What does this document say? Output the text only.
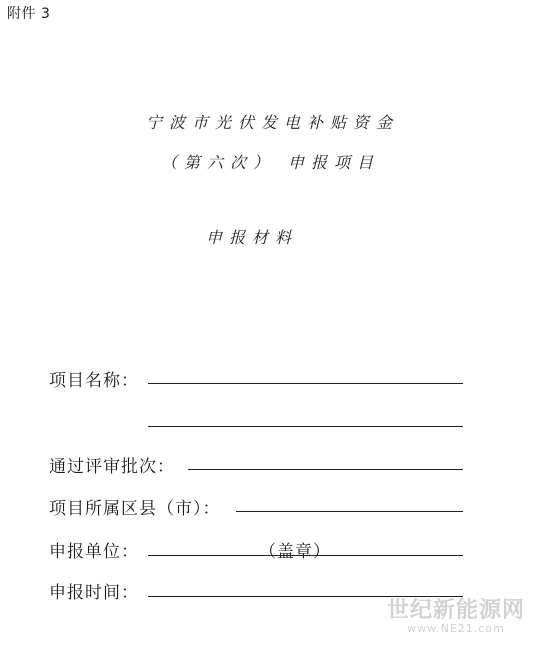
附件 3
宁波市光伏发电补贴资金
（第六次） 申报项目
申报材料
项目名称：
通过评审批次：
项目所属区县（市）：
申报单位：	（盖章）
申报时间：
世纪新能源网
www.NE21.com
